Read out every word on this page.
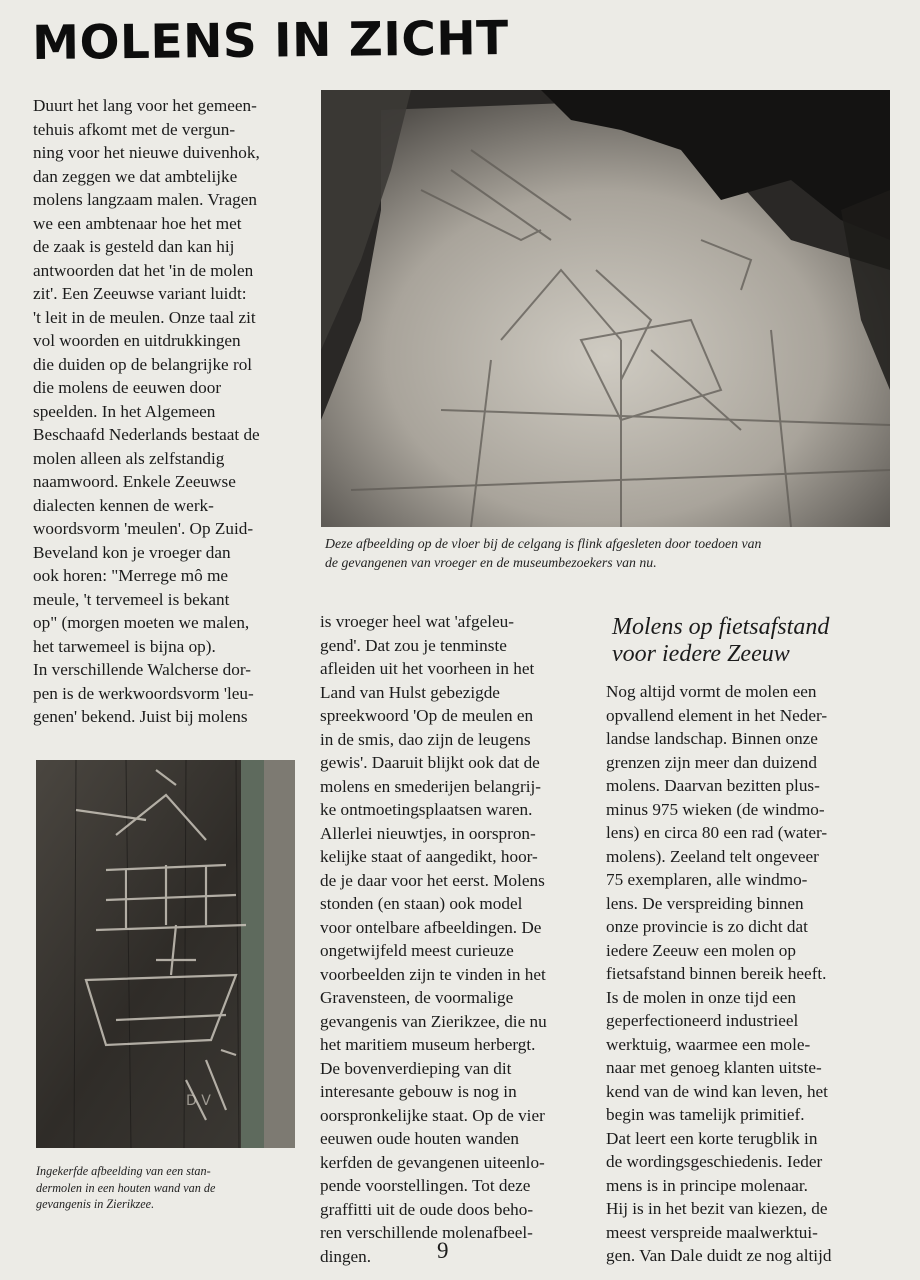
MOLENS IN ZICHT
Deze afbeelding op de vloer bij de celgang is flink afgesleten door toedoen van
de gevangenen van vroeger en de museumbezoekers van nu.
Duurt het lang voor het gemeen-
tehuis afkomt met de vergun-
ning voor het nieuwe duivenhok,
dan zeggen we dat ambtelijke
molens langzaam malen. Vragen
we een ambtenaar hoe het met
de zaak is gesteld dan kan hij
antwoorden dat het 'in de molen
zit'. Een Zeeuwse variant luidt:
't leit in de meulen. Onze taal zit
vol woorden en uitdrukkingen
die duiden op de belangrijke rol
die molens de eeuwen door
speelden. In het Algemeen
Beschaafd Nederlands bestaat de
molen alleen als zelfstandig
naamwoord. Enkele Zeeuwse
dialecten kennen de werk-
woordsvorm 'meulen'. Op Zuid-
Beveland kon je vroeger dan
ook horen: "Merrege mô me
meule, 't tervemeel is bekant
op" (morgen moeten we malen,
het tarwemeel is bijna op).
In verschillende Walcherse dor-
pen is de werkwoordsvorm 'leu-
genen' bekend. Juist bij molens
D V
Ingekerfde afbeelding van een stan-
dermolen in een houten wand van de
gevangenis in Zierikzee.
is vroeger heel wat 'afgeleu-
gend'. Dat zou je tenminste
afleiden uit het voorheen in het
Land van Hulst gebezigde
spreekwoord 'Op de meulen en
in de smis, dao zijn de leugens
gewis'. Daaruit blijkt ook dat de
molens en smederijen belangrij-
ke ontmoetingsplaatsen waren.
Allerlei nieuwtjes, in oorspron-
kelijke staat of aangedikt, hoor-
de je daar voor het eerst. Molens
stonden (en staan) ook model
voor ontelbare afbeeldingen. De
ongetwijfeld meest curieuze
voorbeelden zijn te vinden in het
Gravensteen, de voormalige
gevangenis van Zierikzee, die nu
het maritiem museum herbergt.
De bovenverdieping van dit
interesante gebouw is nog in
oorspronkelijke staat. Op de vier
eeuwen oude houten wanden
kerfden de gevangenen uiteenlo-
pende voorstellingen. Tot deze
graffitti uit de oude doos beho-
ren verschillende molenafbeel-
dingen.
Molens op fietsafstand
voor iedere Zeeuw
Nog altijd vormt de molen een
opvallend element in het Neder-
landse landschap. Binnen onze
grenzen zijn meer dan duizend
molens. Daarvan bezitten plus-
minus 975 wieken (de windmo-
lens) en circa 80 een rad (water-
molens). Zeeland telt ongeveer
75 exemplaren, alle windmo-
lens. De verspreiding binnen
onze provincie is zo dicht dat
iedere Zeeuw een molen op
fietsafstand binnen bereik heeft.
Is de molen in onze tijd een
geperfectioneerd industrieel
werktuig, waarmee een mole-
naar met genoeg klanten uitste-
kend van de wind kan leven, het
begin was tamelijk primitief.
Dat leert een korte terugblik in
de wordingsgeschiedenis. Ieder
mens is in principe molenaar.
Hij is in het bezit van kiezen, de
meest verspreide maalwerktui-
gen. Van Dale duidt ze nog altijd
9
